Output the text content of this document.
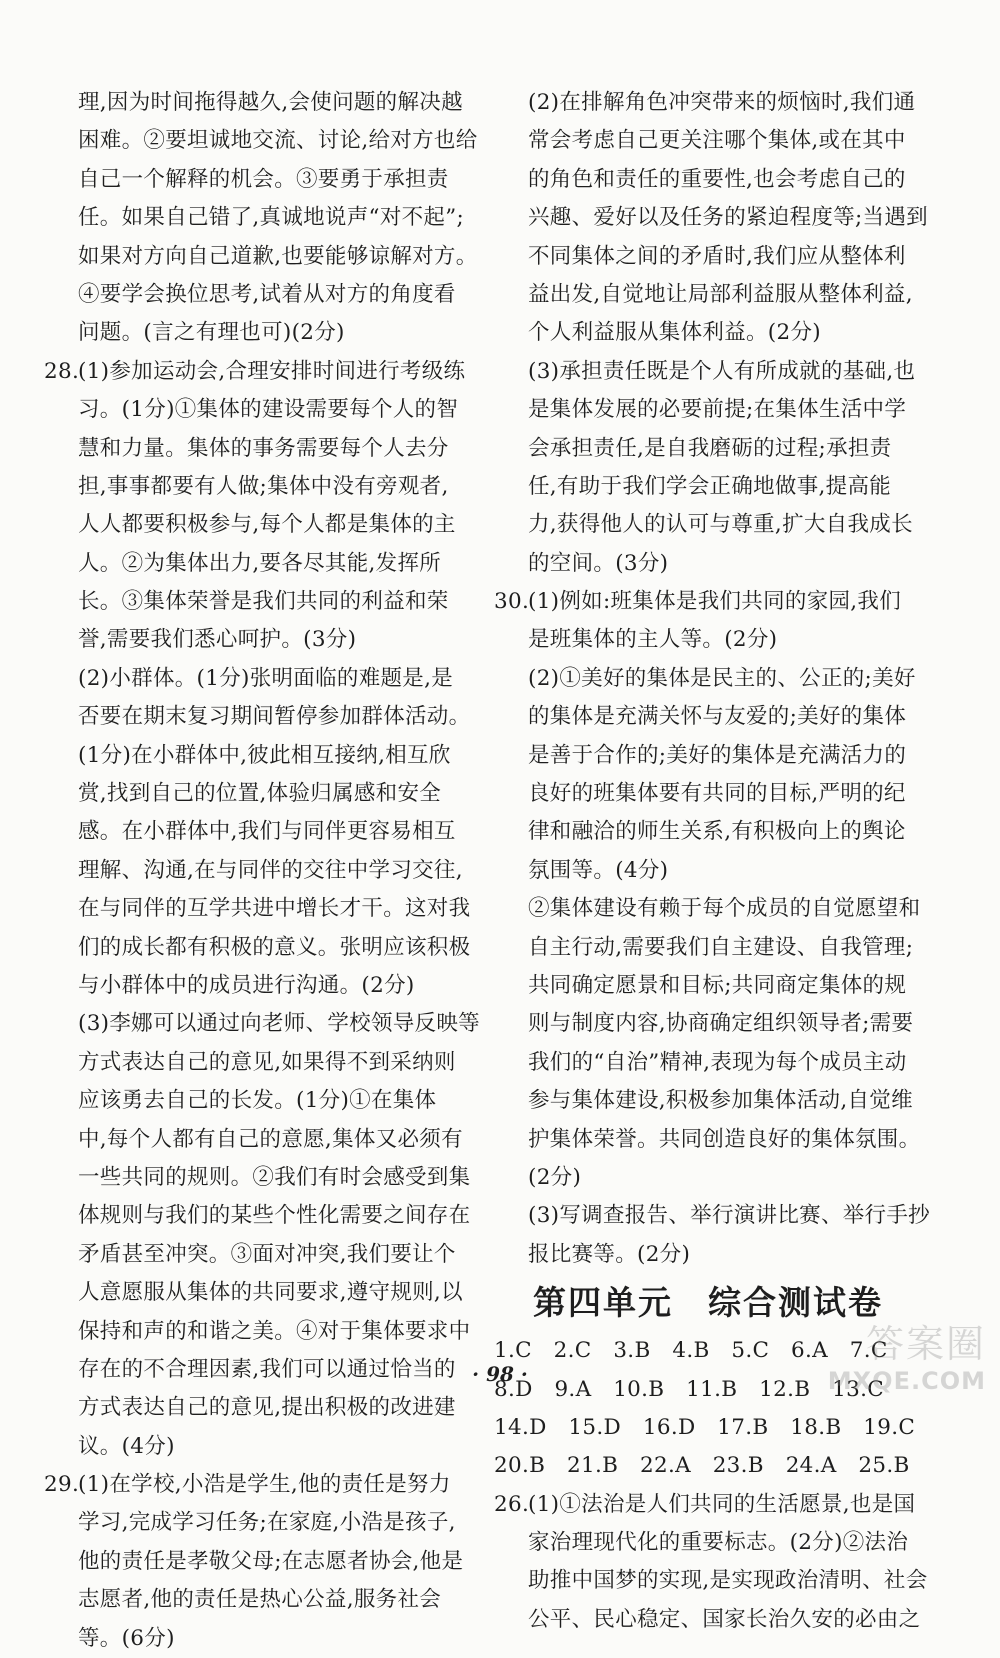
理,因为时间拖得越久,会使问题的解决越
困难。②要坦诚地交流、讨论,给对方也给
自己一个解释的机会。③要勇于承担责
任。如果自己错了,真诚地说声“对不起”;
如果对方向自己道歉,也要能够谅解对方。
④要学会换位思考,试着从对方的角度看
问题。(言之有理也可)(2分)
28.(1)参加运动会,合理安排时间进行考级练
习。(1分)①集体的建设需要每个人的智
慧和力量。集体的事务需要每个人去分
担,事事都要有人做;集体中没有旁观者,
人人都要积极参与,每个人都是集体的主
人。②为集体出力,要各尽其能,发挥所
长。③集体荣誉是我们共同的利益和荣
誉,需要我们悉心呵护。(3分)
(2)小群体。(1分)张明面临的难题是,是
否要在期末复习期间暂停参加群体活动。
(1分)在小群体中,彼此相互接纳,相互欣
赏,找到自己的位置,体验归属感和安全
感。在小群体中,我们与同伴更容易相互
理解、沟通,在与同伴的交往中学习交往,
在与同伴的互学共进中增长才干。这对我
们的成长都有积极的意义。张明应该积极
与小群体中的成员进行沟通。(2分)
(3)李娜可以通过向老师、学校领导反映等
方式表达自己的意见,如果得不到采纳则
应该勇去自己的长发。(1分)①在集体
中,每个人都有自己的意愿,集体又必须有
一些共同的规则。②我们有时会感受到集
体规则与我们的某些个性化需要之间存在
矛盾甚至冲突。③面对冲突,我们要让个
人意愿服从集体的共同要求,遵守规则,以
保持和声的和谐之美。④对于集体要求中
存在的不合理因素,我们可以通过恰当的
方式表达自己的意见,提出积极的改进建
议。(4分)
29.(1)在学校,小浩是学生,他的责任是努力
学习,完成学习任务;在家庭,小浩是孩子,
他的责任是孝敬父母;在志愿者协会,他是
志愿者,他的责任是热心公益,服务社会
等。(6分)
(2)在排解角色冲突带来的烦恼时,我们通
常会考虑自己更关注哪个集体,或在其中
的角色和责任的重要性,也会考虑自己的
兴趣、爱好以及任务的紧迫程度等;当遇到
不同集体之间的矛盾时,我们应从整体利
益出发,自觉地让局部利益服从整体利益,
个人利益服从集体利益。(2分)
(3)承担责任既是个人有所成就的基础,也
是集体发展的必要前提;在集体生活中学
会承担责任,是自我磨砺的过程;承担责
任,有助于我们学会正确地做事,提高能
力,获得他人的认可与尊重,扩大自我成长
的空间。(3分)
30.(1)例如:班集体是我们共同的家园,我们
是班集体的主人等。(2分)
(2)①美好的集体是民主的、公正的;美好
的集体是充满关怀与友爱的;美好的集体
是善于合作的;美好的集体是充满活力的
良好的班集体要有共同的目标,严明的纪
律和融洽的师生关系,有积极向上的舆论
氛围等。(4分)
②集体建设有赖于每个成员的自觉愿望和
自主行动,需要我们自主建设、自我管理;
共同确定愿景和目标;共同商定集体的规
则与制度内容,协商确定组织领导者;需要
我们的“自治”精神,表现为每个成员主动
参与集体建设,积极参加集体活动,自觉维
护集体荣誉。共同创造良好的集体氛围。
(2分)
(3)写调查报告、举行演讲比赛、举行手抄
报比赛等。(2分)
第四单元　综合测试卷
1.C　2.C　3.B　4.B　5.C　6.A　7.C
8.D　9.A　10.B　11.B　12.B　13.C
14.D　15.D　16.D　17.B　18.B　19.C
20.B　21.B　22.A　23.B　24.A　25.B
26.(1)①法治是人们共同的生活愿景,也是国
家治理现代化的重要标志。(2分)②法治
助推中国梦的实现,是实现政治清明、社会
公平、民心稳定、国家长治久安的必由之
· 98 ·
答案圈
MXQE.COM
